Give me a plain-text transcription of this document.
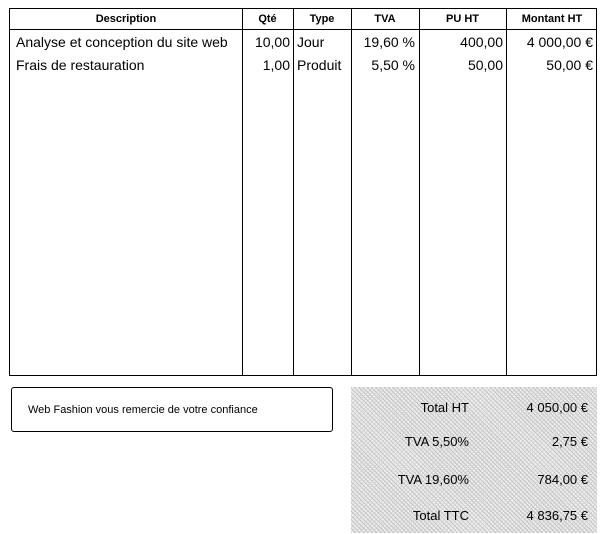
Description	Qté	Type	TVA	PU HT	Montant HT
Analyse et conception du site web	10,00 Jour	19,60 %	400,00	4 000,00 €
Frais de restauration	1,00 Produit	5,50 %	50,00	50,00 €
Web Fashion vous remercie de votre confiance	Total HT	4 050,00 €
TVA 5,50%	2,75 €
TVA 19,60%	784,00 €
Total TTC	4 836,75 €
